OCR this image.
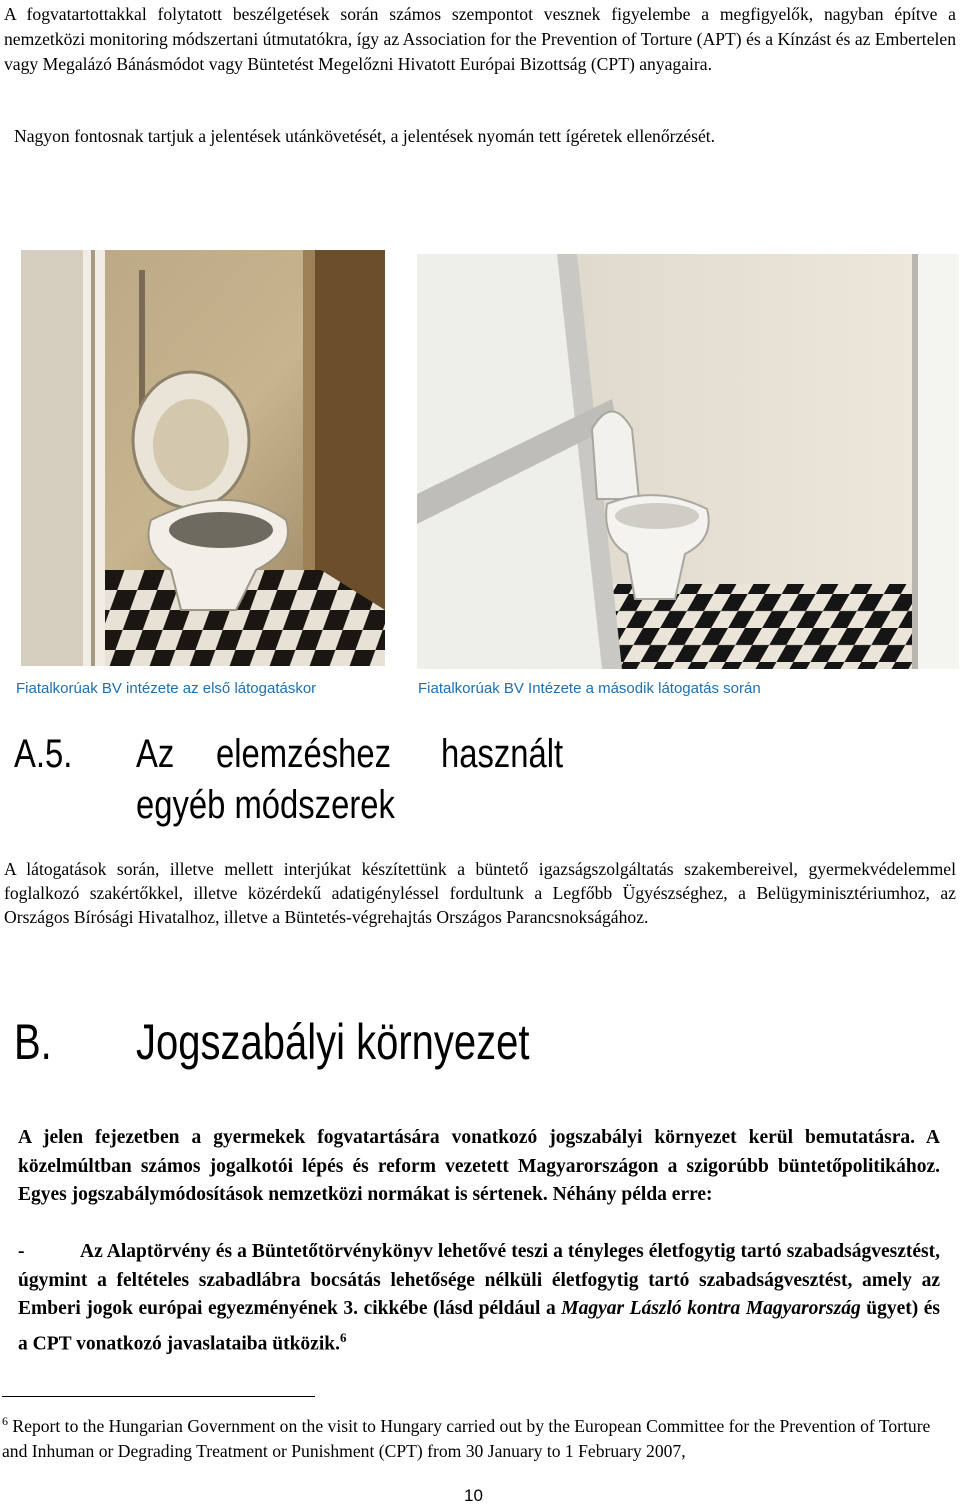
A fogvatartottakkal folytatott beszélgetések során számos szempontot vesznek figyelembe a megfigyelők, nagyban építve a nemzetközi monitoring módszertani útmutatókra, így az Association for the Prevention of Torture (APT) és a Kínzást és az Embertelen vagy Megalázó Bánásmódot vagy Büntetést Megelőzni Hivatott Európai Bizottság (CPT) anyagaira.
Nagyon fontosnak tartjuk a jelentések utánkövetését, a jelentések nyomán tett ígéretek ellenőrzését.
Fiatalkorúak BV intézete az első látogatáskor	Fiatalkorúak BV Intézete a második látogatás során
A.5. Az elemzéshez használt
egyéb módszerek
A látogatások során, illetve mellett interjúkat készítettünk a büntető igazságszolgáltatás szakembereivel, gyermekvédelemmel foglalkozó szakértőkkel, illetve közérdekű adatigényléssel fordultunk a Legfőbb Ügyészséghez, a Belügyminisztériumhoz, az Országos Bírósági Hivatalhoz, illetve a Büntetés-végrehajtás Országos Parancsnokságához.
B. Jogszabályi környezet
A jelen fejezetben a gyermekek fogvatartására vonatkozó jogszabályi környezet kerül bemutatásra. A közelmúltban számos jogalkotói lépés és reform vezetett Magyarországon a szigorúbb büntetőpolitikához. Egyes jogszabálymódosítások nemzetközi normákat is sértenek. Néhány példa erre:
-	Az Alaptörvény és a Büntetőtörvénykönyv lehetővé teszi a tényleges életfogytig tartó szabadságvesztést, úgymint a feltételes szabadlábra bocsátás lehetősége nélküli életfogytig tartó szabadságvesztést, amely az Emberi jogok európai egyezményének 3. cikkébe (lásd például a Magyar László kontra Magyarország ügyet) és a CPT vonatkozó javaslataiba ütközik.$^6$
$^6$ Report to the Hungarian Government on the visit to Hungary carried out by the European Committee for the Prevention of Torture and Inhuman or Degrading Treatment or Punishment (CPT) from 30 January to 1 February 2007,
10
